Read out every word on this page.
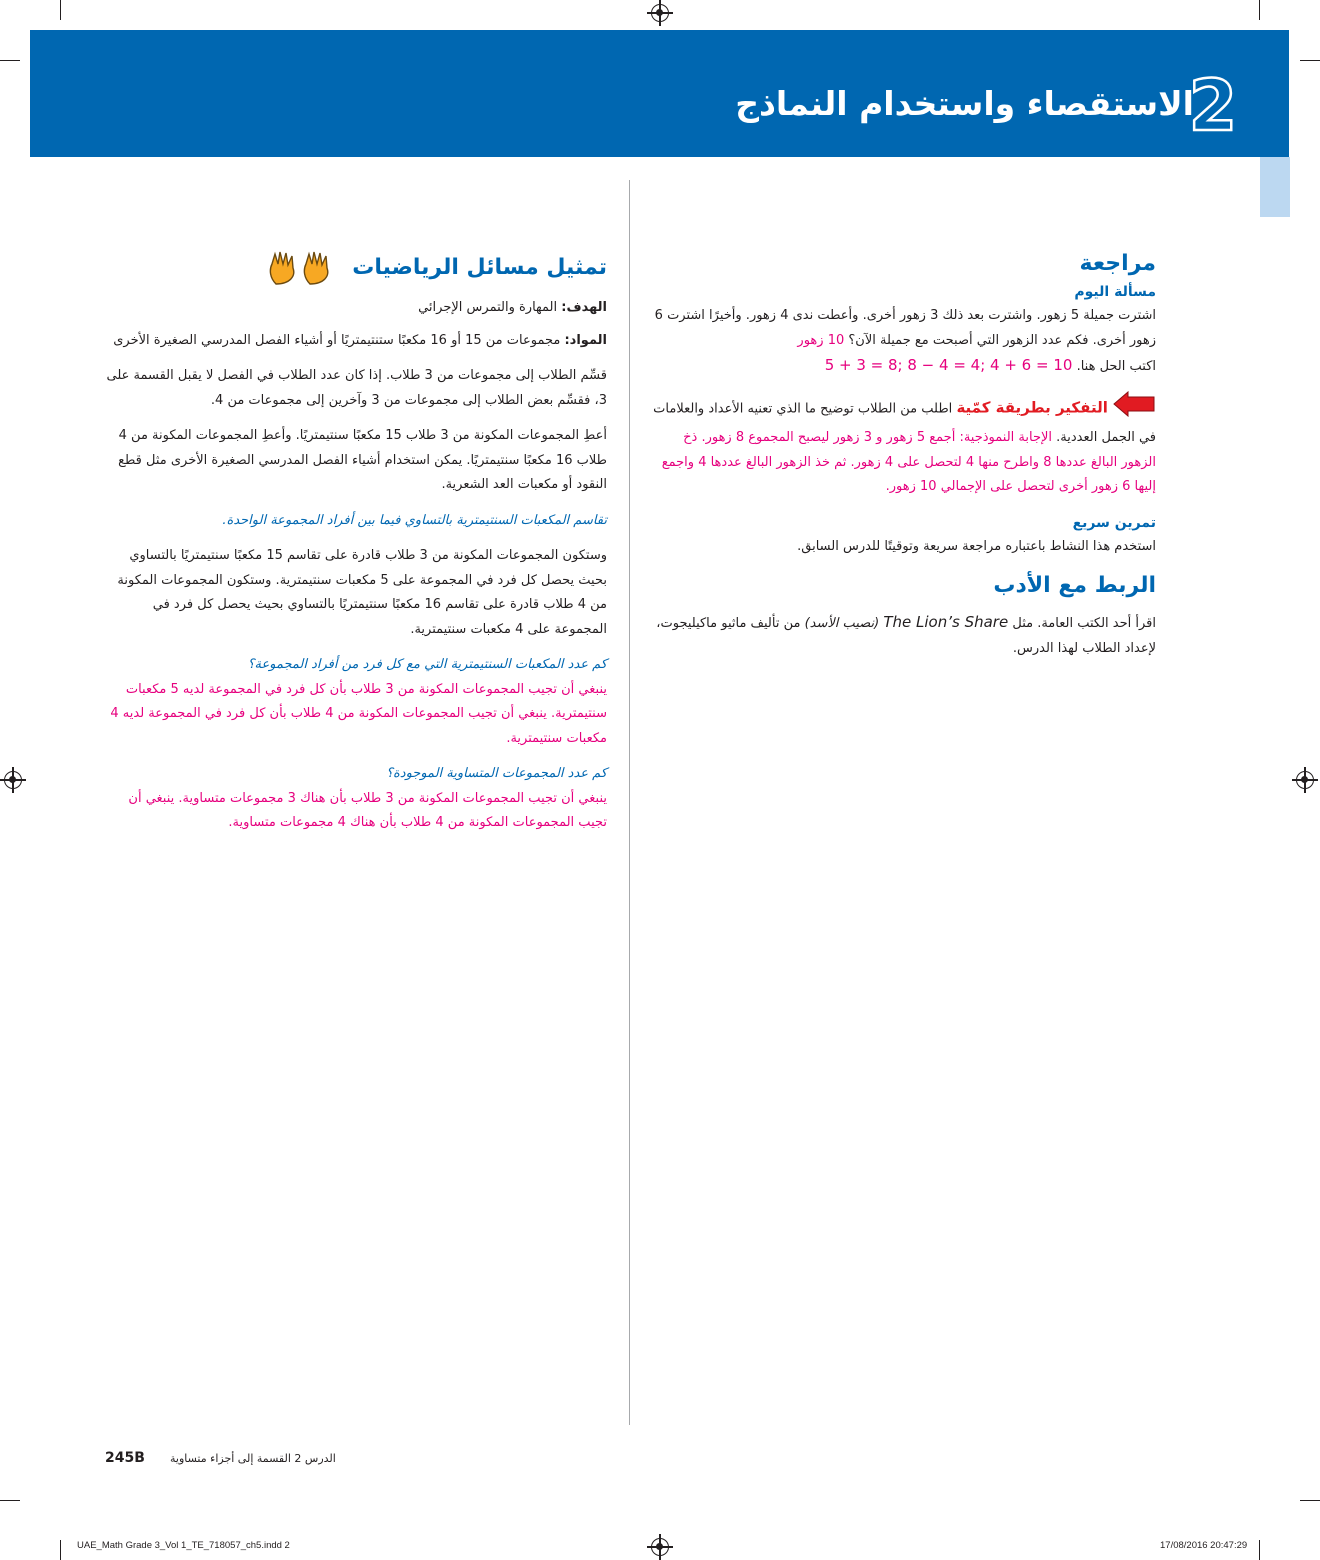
2
الاستقصاء واستخدام النماذج
تمثيل مسائل الرياضيات

الهدف: المهارة والتمرس الإجرائي

المواد: مجموعات من 15 أو 16 مكعبًا ستنتيمتريًا أو أشياء الفصل المدرسي الصغيرة الأخرى

قسِّم الطلاب إلى مجموعات من 3 طلاب. إذا كان عدد الطلاب في الفصل لا يقبل القسمة على 3، فقسِّم بعض الطلاب إلى مجموعات من 3 وآخرين إلى مجموعات من 4.

أعطِ المجموعات المكونة من 3 طلاب 15 مكعبًا سنتيمتريًا. وأعطِ المجموعات المكونة من 4 طلاب 16 مكعبًا سنتيمتريًا. يمكن استخدام أشياء الفصل المدرسي الصغيرة الأخرى مثل قطع النقود أو مكعبات العد الشعرية.

تقاسم المكعبات السنتيمترية بالتساوي فيما بين أفراد المجموعة الواحدة.

وستكون المجموعات المكونة من 3 طلاب قادرة على تقاسم 15 مكعبًا سنتيمتريًا بالتساوي بحيث يحصل كل فرد في المجموعة على 5 مكعبات سنتيمترية. وستكون المجموعات المكونة من 4 طلاب قادرة على تقاسم 16 مكعبًا سنتيمتريًا بالتساوي بحيث يحصل كل فرد في المجموعة على 4 مكعبات سنتيمترية.

كم عدد المكعبات السنتيمترية التي مع كل فرد من أفراد المجموعة؟

ينبغي أن تجيب المجموعات المكونة من 3 طلاب بأن كل فرد في المجموعة لديه 5 مكعبات سنتيمترية. ينبغي أن تجيب المجموعات المكونة من 4 طلاب بأن كل فرد في المجموعة لديه 4 مكعبات سنتيمترية.

كم عدد المجموعات المتساوية الموجودة؟

ينبغي أن تجيب المجموعات المكونة من 3 طلاب بأن هناك 3 مجموعات متساوية. ينبغي أن تجيب المجموعات المكونة من 4 طلاب بأن هناك 4 مجموعات متساوية.

مراجعة
مسألة اليوم

اشترت جميلة 5 زهور. واشترت بعد ذلك 3 زهور أخرى. وأعطت ندى 4 زهور. وأخيرًا اشترت 6 زهور أخرى. فكم عدد الزهور التي أصبحت مع جميلة الآن؟ 10 زهور

اكتب الحل هنا. 5 + 3 = 8; 8 − 4 = 4; 4 + 6 = 10

التفكير بطريقة كمّية اطلب من الطلاب توضيح ما الذي تعنيه الأعداد والعلامات في الجمل العددية. الإجابة النموذجية: أجمع 5 زهور و 3 زهور ليصبح المجموع 8 زهور. ذخ الزهور البالغ عددها 8 واطرح منها 4 لتحصل على 4 زهور. ثم خذ الزهور البالغ عددها 4 واجمع إليها 6 زهور أخرى لتحصل على الإجمالي 10 زهور.

تمرين سريع

استخدم هذا النشاط باعتباره مراجعة سريعة وتوقيتًا للدرس السابق.

الربط مع الأدب

اقرأ أحد الكتب العامة. مثل The Lion’s Share (نصيب الأسد) من تأليف ماثيو ماكيليجوت، لإعداد الطلاب لهذا الدرس.

245B الدرس 2 القسمة إلى أجزاء متساوية
UAE_Math Grade 3_Vol 1_TE_718057_ch5.indd 2	17/08/2016 20:47:29
